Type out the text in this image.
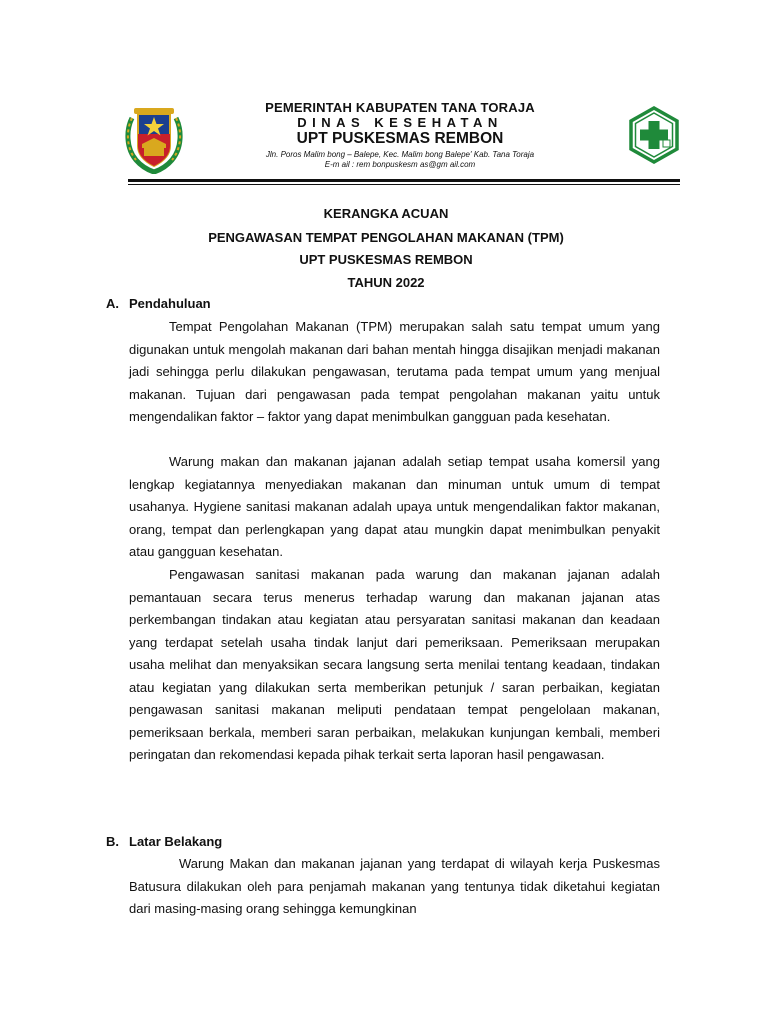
PEMERINTAH KABUPATEN TANA TORAJA
DINAS KESEHATAN
UPT PUSKESMAS REMBON
Jln. Poros Malim bong – Balepe, Kec. Malim bong Balepe' Kab. Tana Toraja
E-m ail : rem bonpuskesm as@gm ail.com
KERANGKA ACUAN
PENGAWASAN TEMPAT PENGOLAHAN MAKANAN (TPM)
UPT PUSKESMAS REMBON
TAHUN 2022
A. Pendahuluan

Tempat Pengolahan Makanan (TPM) merupakan salah satu tempat umum yang digunakan untuk mengolah makanan dari bahan mentah hingga disajikan menjadi makanan jadi sehingga perlu dilakukan pengawasan, terutama pada tempat umum yang menjual makanan. Tujuan dari pengawasan pada tempat pengolahan makanan yaitu untuk mengendalikan faktor – faktor yang dapat menimbulkan gangguan pada kesehatan.

Warung makan dan makanan jajanan adalah setiap tempat usaha komersil yang lengkap kegiatannya menyediakan makanan dan minuman untuk umum di tempat usahanya. Hygiene sanitasi makanan adalah upaya untuk mengendalikan faktor makanan, orang, tempat dan perlengkapan yang dapat atau mungkin dapat menimbulkan penyakit atau gangguan kesehatan.

Pengawasan sanitasi makanan pada warung dan makanan jajanan adalah pemantauan secara terus menerus terhadap warung dan makanan jajanan atas perkembangan tindakan atau kegiatan atau persyaratan sanitasi makanan dan keadaan yang terdapat setelah usaha tindak lanjut dari pemeriksaan. Pemeriksaan merupakan usaha melihat dan menyaksikan secara langsung serta menilai tentang keadaan, tindakan atau kegiatan yang dilakukan serta memberikan petunjuk / saran perbaikan, kegiatan pengawasan sanitasi makanan meliputi pendataan tempat pengelolaan makanan, pemeriksaan berkala, memberi saran perbaikan, melakukan kunjungan kembali, memberi peringatan dan rekomendasi kepada pihak terkait serta laporan hasil pengawasan.

B. Latar Belakang

Warung Makan dan makanan jajanan yang terdapat di wilayah kerja Puskesmas Batusura dilakukan oleh para penjamah makanan yang tentunya tidak diketahui kegiatan dari masing-masing orang sehingga kemungkinan
